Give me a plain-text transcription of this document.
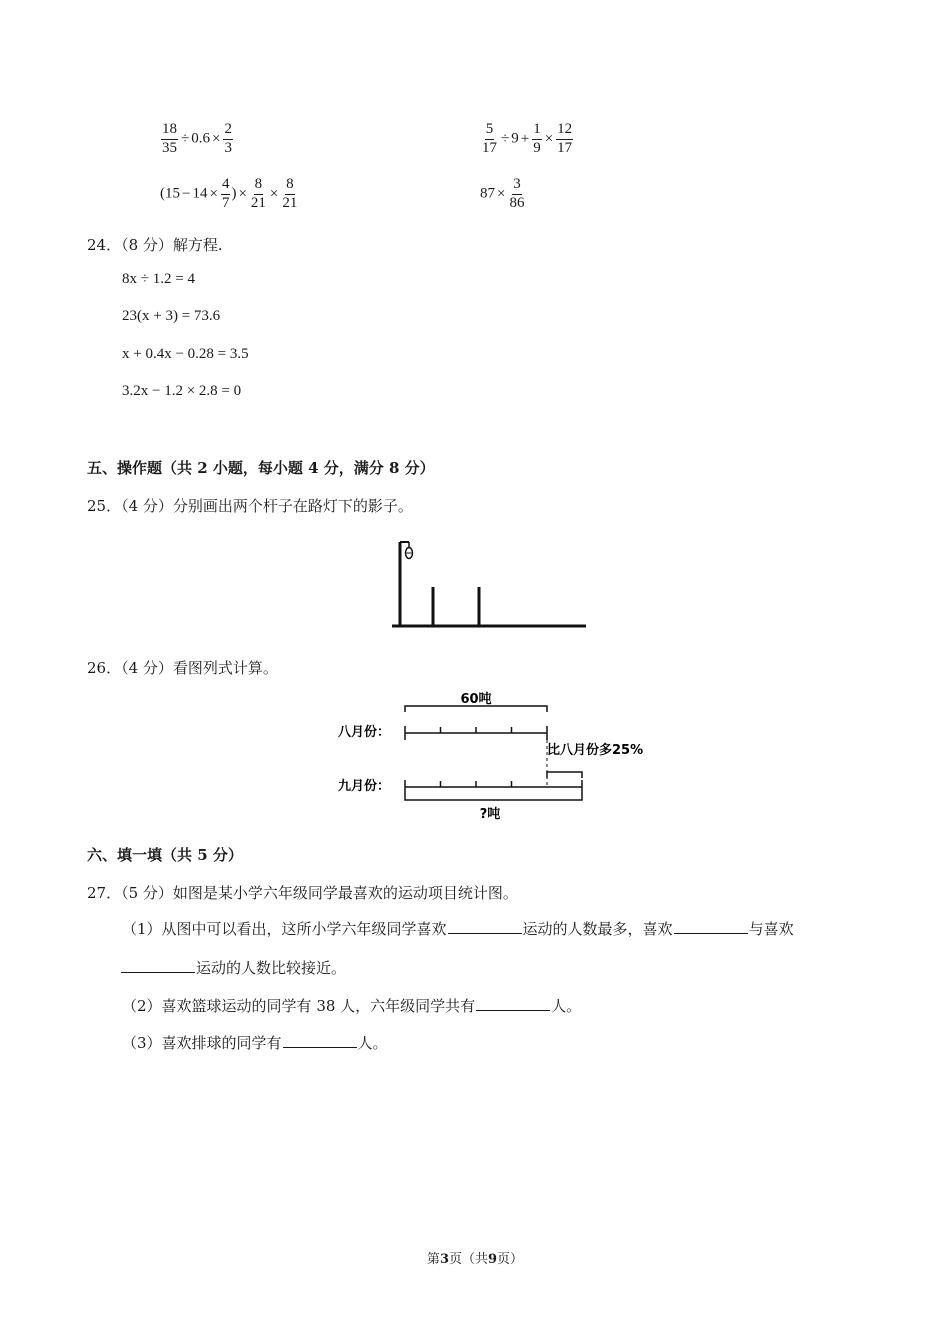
$\frac{18}{35} \div 0.6 \times \frac{2}{3}$	$\frac{5}{17} \div 9 + \frac{1}{9} \times \frac{12}{17}$
($15 - 14 \times \frac{4}{7}$ ) × $\frac{8}{21} \times \frac{8}{21}$	$87 \times \frac{3}{86}$
24．（8 分）解方程.
8x ÷ 1.2 = 4
23(x + 3) = 73.6
x + 0.4x − 0.28 = 3.5
3.2x − 1.2 × 2.8 = 0
五、操作题（共 2 小题，每小题 4 分，满分 8 分）
25．（4 分）分别画出两个杆子在路灯下的影子。
26．（4 分）看图列式计算。
60吨
八月份：
比八月份多25%
九月份：
?吨
六、填一填（共 5 分）
27．（5 分）如图是某小学六年级同学最喜欢的运动项目统计图。
（1）从图中可以看出，这所小学六年级同学喜欢	运动的人数最多，喜欢	与喜欢
运动的人数比较接近。
（2）喜欢篮球运动的同学有 38 人，六年级同学共有	人。
（3）喜欢排球的同学有	人。
第3页（共9页）
